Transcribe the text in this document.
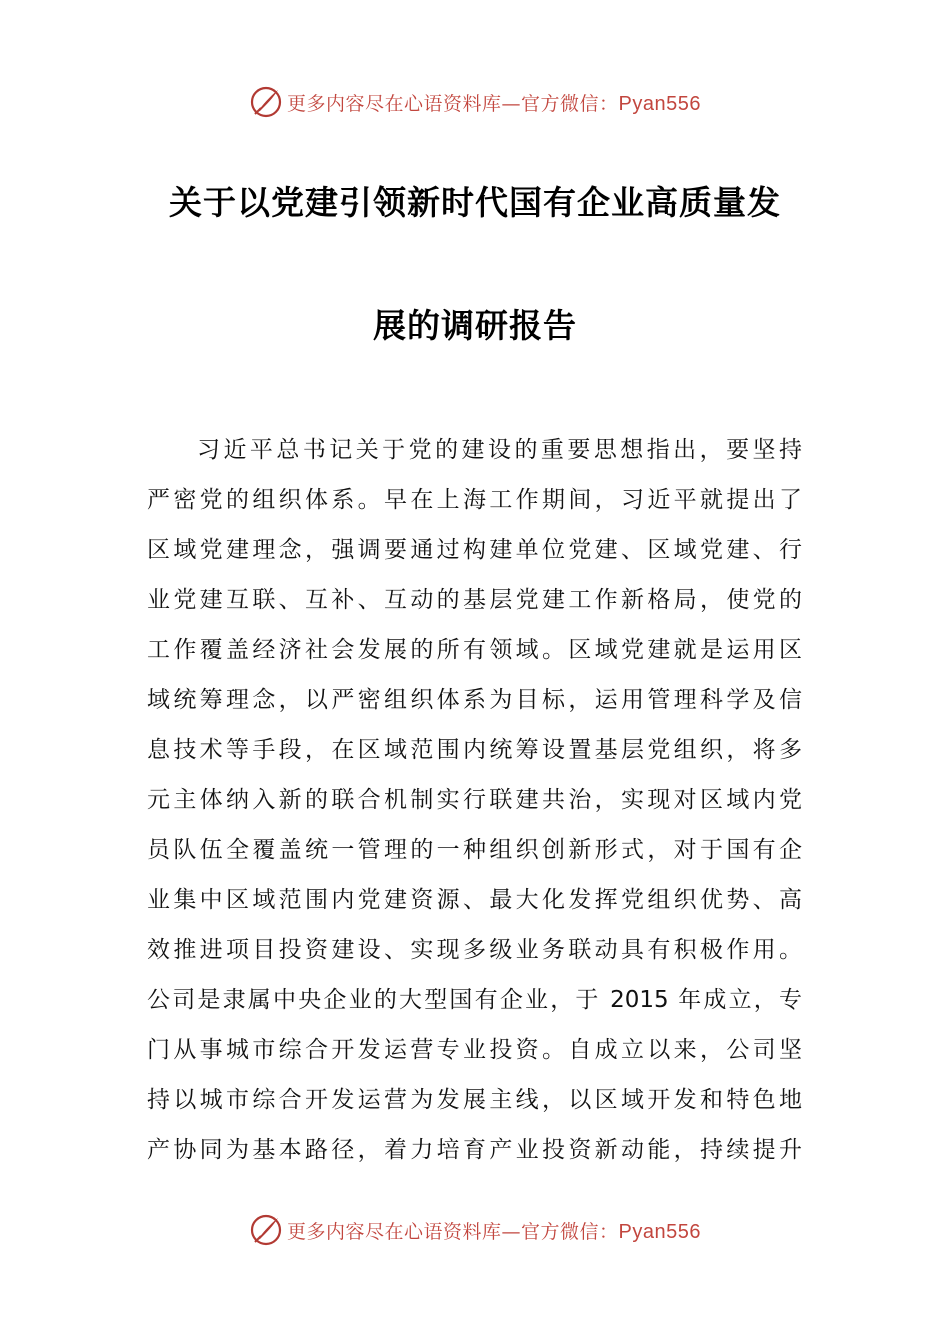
更多内容尽在心语资料库—官方微信：Pyan556
关于以党建引领新时代国有企业高质量发
展的调研报告
习近平总书记关于党的建设的重要思想指出，要坚持
严密党的组织体系。早在上海工作期间，习近平就提出了
区域党建理念，强调要通过构建单位党建、区域党建、行
业党建互联、互补、互动的基层党建工作新格局，使党的
工作覆盖经济社会发展的所有领域。区域党建就是运用区
域统筹理念，以严密组织体系为目标，运用管理科学及信
息技术等手段，在区域范围内统筹设置基层党组织，将多
元主体纳入新的联合机制实行联建共治，实现对区域内党
员队伍全覆盖统一管理的一种组织创新形式，对于国有企
业集中区域范围内党建资源、最大化发挥党组织优势、高
效推进项目投资建设、实现多级业务联动具有积极作用。
公司是隶属中央企业的大型国有企业，于 2015 年成立，专
门从事城市综合开发运营专业投资。自成立以来，公司坚
持以城市综合开发运营为发展主线，以区域开发和特色地
产协同为基本路径，着力培育产业投资新动能，持续提升
更多内容尽在心语资料库—官方微信：Pyan556
